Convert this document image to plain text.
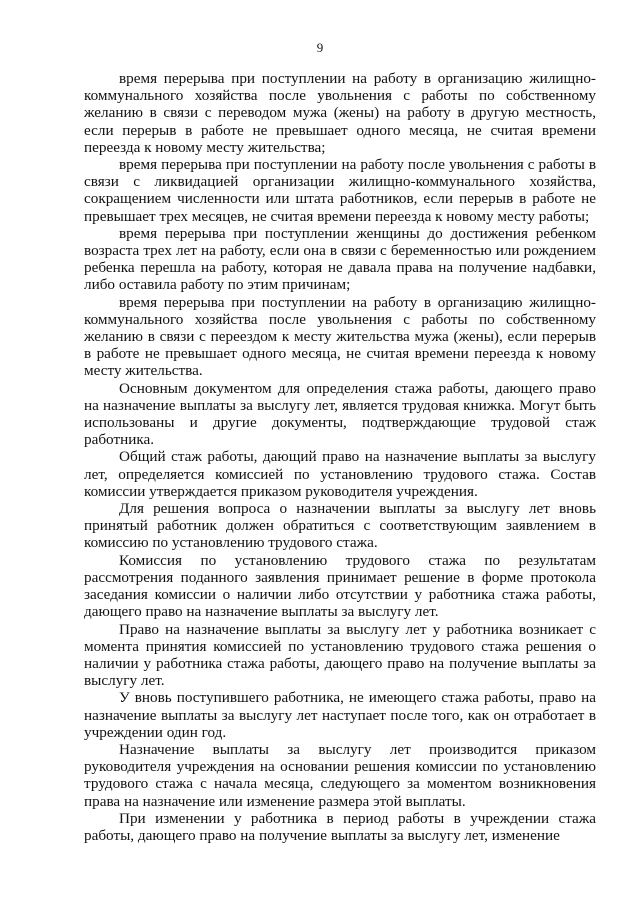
9

время перерыва при поступлении на работу в организацию жилищно-коммунального хозяйства после увольнения с работы по собственному желанию в связи с переводом мужа (жены) на работу в другую местность, если перерыв в работе не превышает одного месяца, не считая времени переезда к новому месту жительства;

время перерыва при поступлении на работу после увольнения с работы в связи с ликвидацией организации жилищно-коммунального хозяйства, сокращением численности или штата работников, если перерыв в работе не превышает трех месяцев, не считая времени переезда к новому месту работы;

время перерыва при поступлении женщины до достижения ребенком возраста трех лет на работу, если она в связи с беременностью или рождением ребенка перешла на работу, которая не давала права на получение надбавки, либо оставила работу по этим причинам;

время перерыва при поступлении на работу в организацию жилищно-коммунального хозяйства после увольнения с работы по собственному желанию в связи с переездом к месту жительства мужа (жены), если перерыв в работе не превышает одного месяца, не считая времени переезда к новому месту жительства.

Основным документом для определения стажа работы, дающего право на назначение выплаты за выслугу лет, является трудовая книжка. Могут быть использованы и другие документы, подтверждающие трудовой стаж работника.

Общий стаж работы, дающий право на назначение выплаты за выслугу лет, определяется комиссией по установлению трудового стажа. Состав комиссии утверждается приказом руководителя учреждения.

Для решения вопроса о назначении выплаты за выслугу лет вновь принятый работник должен обратиться с соответствующим заявлением в комиссию по установлению трудового стажа.

Комиссия по установлению трудового стажа по результатам рассмотрения поданного заявления принимает решение в форме протокола заседания комиссии о наличии либо отсутствии у работника стажа работы, дающего право на назначение выплаты за выслугу лет.

Право на назначение выплаты за выслугу лет у работника возникает с момента принятия комиссией по установлению трудового стажа решения о наличии у работника стажа работы, дающего право на получение выплаты за выслугу лет.

У вновь поступившего работника, не имеющего стажа работы, право на назначение выплаты за выслугу лет наступает после того, как он отработает в учреждении один год.

Назначение выплаты за выслугу лет производится приказом руководителя учреждения на основании решения комиссии по установлению трудового стажа с начала месяца, следующего за моментом возникновения права на назначение или изменение размера этой выплаты.

При изменении у работника в период работы в учреждении стажа работы, дающего право на получение выплаты за выслугу лет, изменение
